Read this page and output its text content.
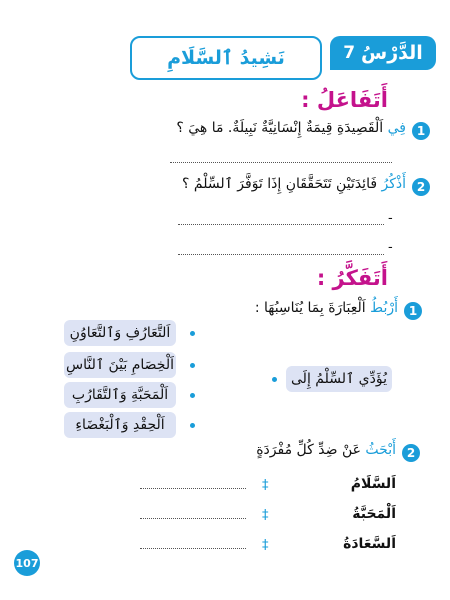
الدَّرْسُ
7
نَشِيدُ ٱلسَّلَامِ
أَتَفَاعَلُ :
1
فِي اَلْقَصِيدَةِ قِيمَةٌ إِنْسَانِيَّةٌ نَبِيلَةٌ. مَا هِيَ ؟
2
أَذْكُرُ فَائِدَتَيْنِ تَتَحَقَّقَانِ إِذَا تَوَفَّرَ ٱلسِّلْمُ ؟
-
-
أَتَفَكَّرُ :
1
أَرْبُطُ اَلْعِبَارَةَ بِمَا يُنَاسِبُهَا :
يُؤَدِّي ٱلسِّلْمُ إِلَى
اَلتَّعَارُفِ وَٱلتَّعَاوُنِ
اَلْخِصَامِ بَيْنَ ٱلنَّاسِ
اَلْمَحَبَّةِ وَٱلتَّقَارُبِ
اَلْحِقْدِ وَٱلْبَغْضَاءِ
2
أَبْحَثُ عَنْ ضِدِّ كُلِّ مُفْرَدَةٍ
اَلسَّلَامُ
‡
اَلْمَحَبَّةُ
‡
اَلسَّعَادَةُ
‡
107
